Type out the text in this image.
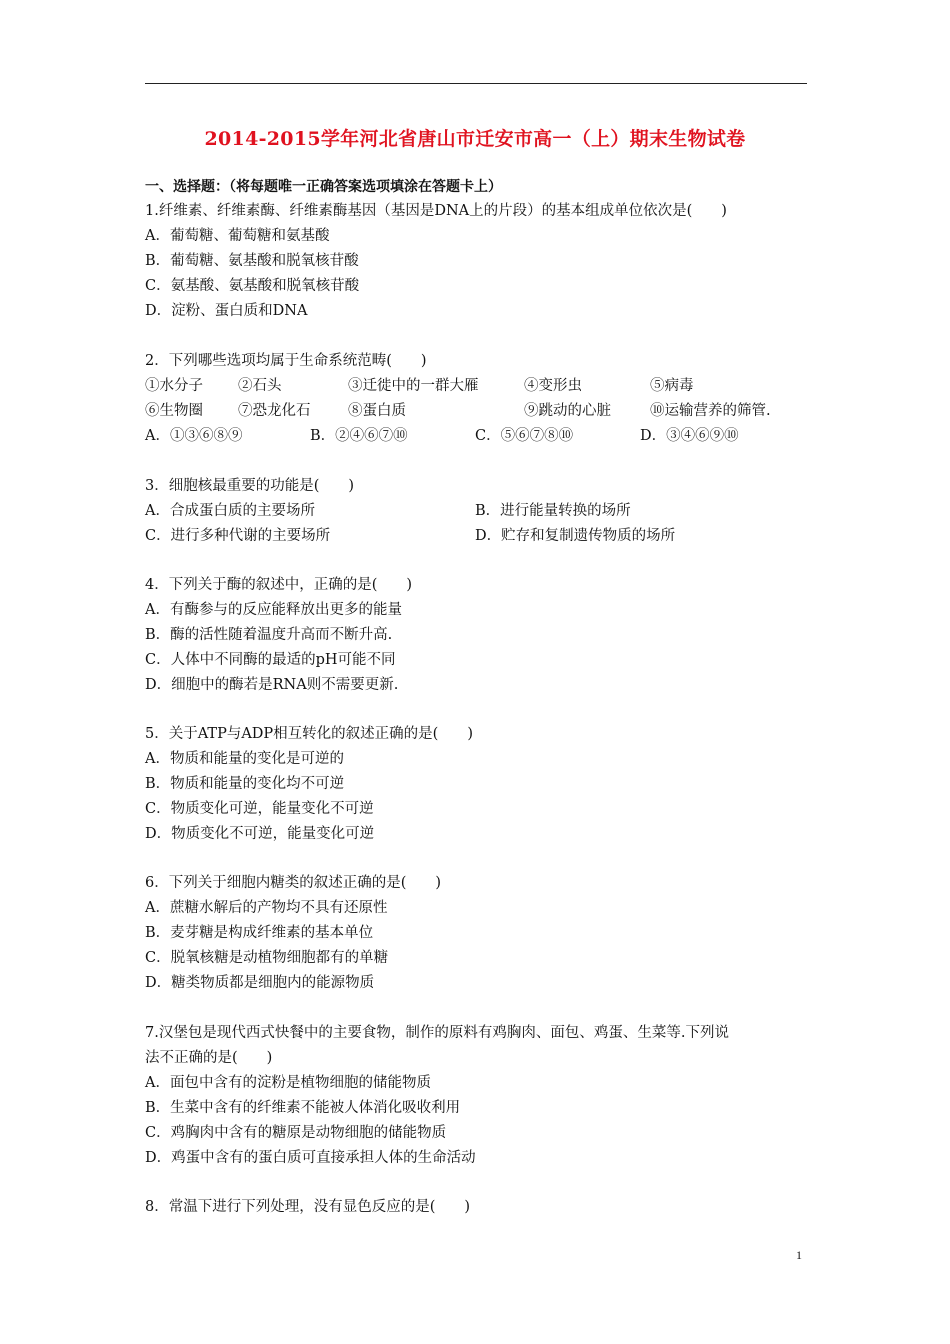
2014-2015学年河北省唐山市迁安市高一（上）期末生物试卷
一、选择题：（将每题唯一正确答案选项填涂在答题卡上）
1.纤维素、纤维素酶、纤维素酶基因（基因是DNA上的片段）的基本组成单位依次是(　　)
A．葡萄糖、葡萄糖和氨基酸
B．葡萄糖、氨基酸和脱氧核苷酸
C．氨基酸、氨基酸和脱氧核苷酸
D．淀粉、蛋白质和DNA
2．下列哪些选项均属于生命系统范畴(　　)
①水分子 ②石头	③迁徙中的一群大雁	④变形虫	⑤病毒
⑥生物圈 ⑦恐龙化石	⑧蛋白质	⑨跳动的心脏	⑩运输营养的筛管.
A．①③⑥⑧⑨	B．②④⑥⑦⑩	C．⑤⑥⑦⑧⑩	D．③④⑥⑨⑩
3．细胞核最重要的功能是(　　)
A．合成蛋白质的主要场所	B．进行能量转换的场所
C．进行多种代谢的主要场所	D．贮存和复制遗传物质的场所
4．下列关于酶的叙述中，正确的是(　　)
A．有酶参与的反应能释放出更多的能量
B．酶的活性随着温度升高而不断升高.
C．人体中不同酶的最适的pH可能不同
D．细胞中的酶若是RNA则不需要更新.
5．关于ATP与ADP相互转化的叙述正确的是(　　)
A．物质和能量的变化是可逆的
B．物质和能量的变化均不可逆
C．物质变化可逆，能量变化不可逆
D．物质变化不可逆，能量变化可逆
6．下列关于细胞内糖类的叙述正确的是(　　)
A．蔗糖水解后的产物均不具有还原性
B．麦芽糖是构成纤维素的基本单位
C．脱氧核糖是动植物细胞都有的单糖
D．糖类物质都是细胞内的能源物质
7.汉堡包是现代西式快餐中的主要食物，制作的原料有鸡胸肉、面包、鸡蛋、生菜等.下列说
法不正确的是(　　)
A．面包中含有的淀粉是植物细胞的储能物质
B．生菜中含有的纤维素不能被人体消化吸收利用
C．鸡胸肉中含有的糖原是动物细胞的储能物质
D．鸡蛋中含有的蛋白质可直接承担人体的生命活动
8．常温下进行下列处理，没有显色反应的是(　　)
1
